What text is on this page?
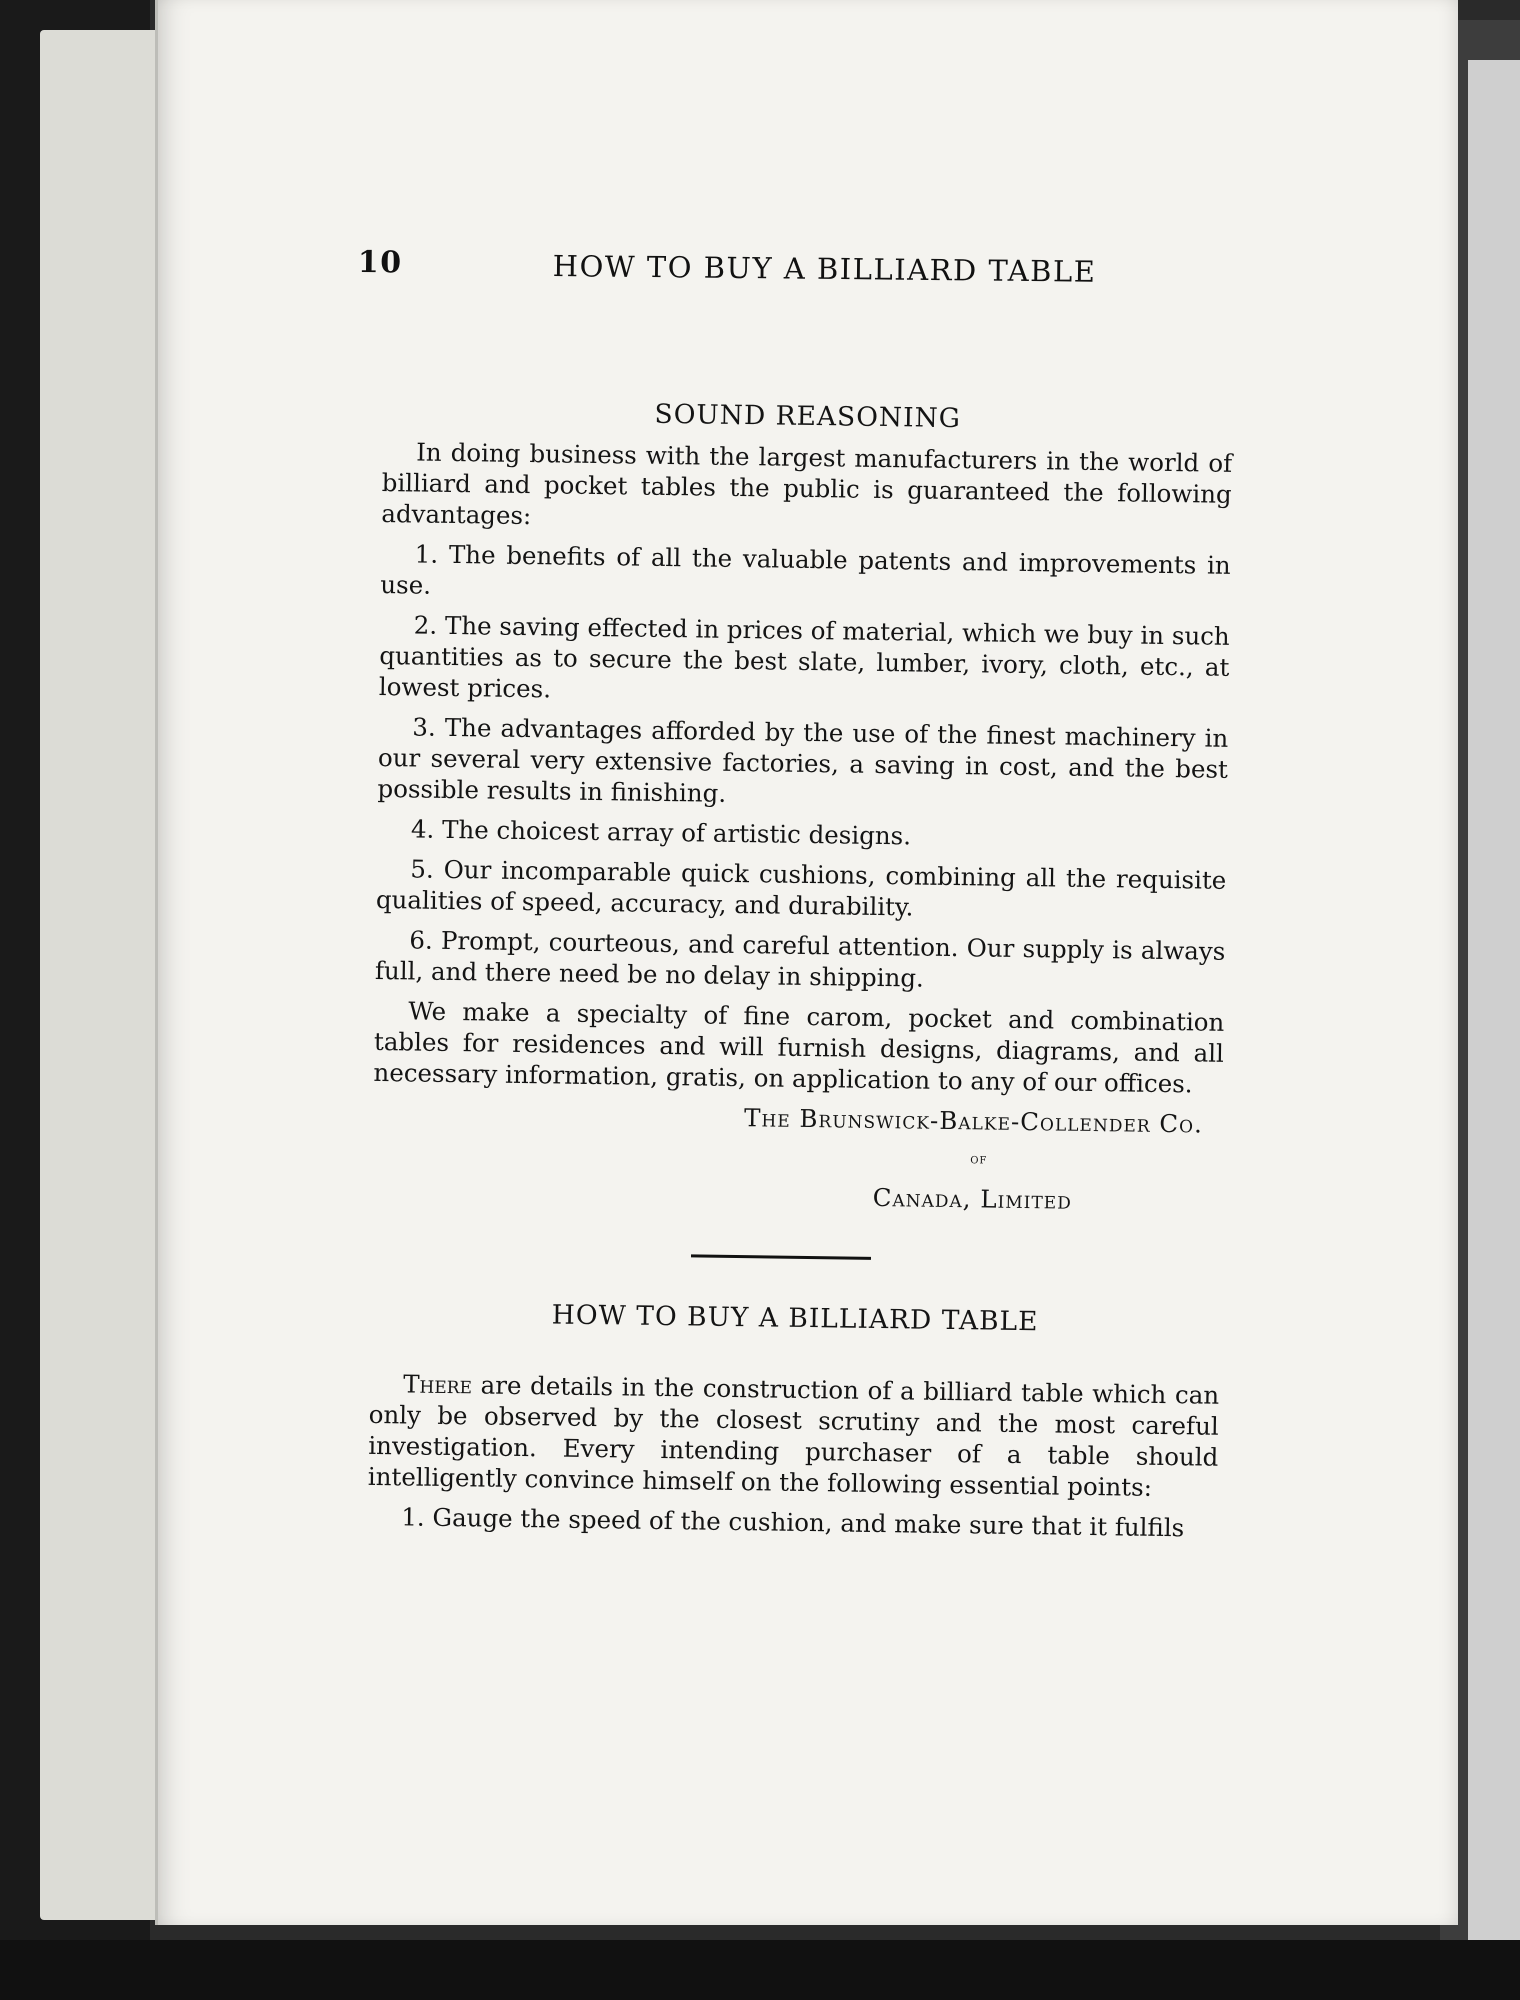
10	HOW TO BUY A BILLIARD TABLE
SOUND REASONING

In doing business with the largest manufacturers in the world of billiard and pocket tables the public is guaranteed the following advantages:

1. The benefits of all the valuable patents and improvements in use.

2. The saving effected in prices of material, which we buy in such quantities as to secure the best slate, lumber, ivory, cloth, etc., at lowest prices.

3. The advantages afforded by the use of the finest machinery in our several very extensive factories, a saving in cost, and the best possible results in finishing.

4. The choicest array of artistic designs.

5. Our incomparable quick cushions, combining all the requisite qualities of speed, accuracy, and durability.

6. Prompt, courteous, and careful attention. Our supply is always full, and there need be no delay in shipping.

We make a specialty of fine carom, pocket and combination tables for residences and will furnish designs, diagrams, and all necessary information, gratis, on application to any of our offices.

The Brunswick-Balke-Collender Co.
of
Canada, Limited
HOW TO BUY A BILLIARD TABLE

There are details in the construction of a billiard table which can only be observed by the closest scrutiny and the most careful investigation. Every intending purchaser of a table should intelligently convince himself on the following essential points:

1. Gauge the speed of the cushion, and make sure that it fulfils
